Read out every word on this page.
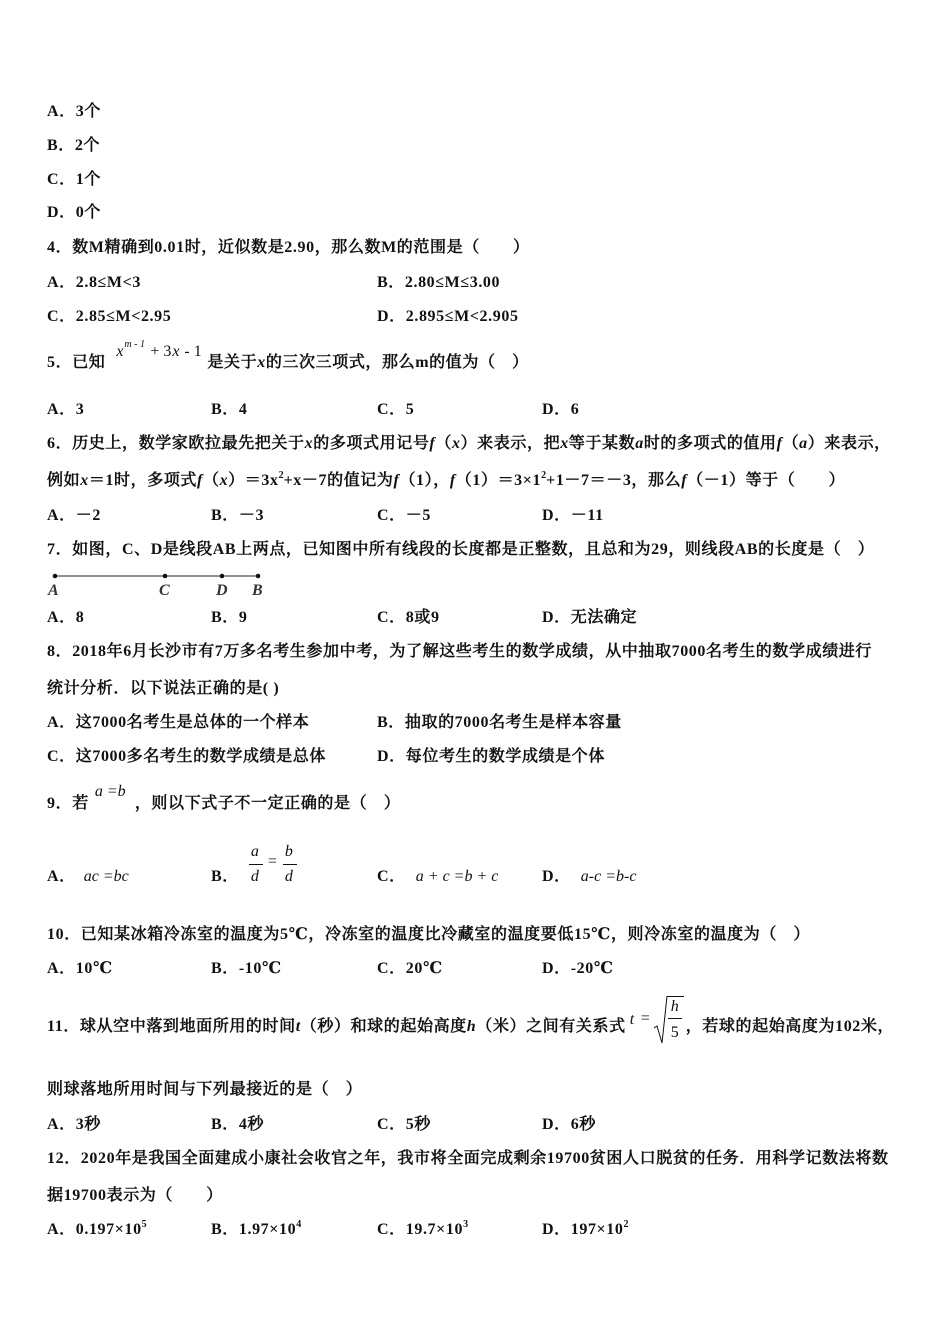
A．3个
B．2个
C．1个
D．0个
4．数M精确到0.01时，近似数是2.90，那么数M的范围是（　　）
A．2.8≤M<3	B．2.80≤M≤3.00
C．2.85≤M<2.95	D．2.895≤M<2.905
5．已知
x m - 1 + 3 x - 1
是关于x的三次三项式，那么m的值为（　）
A．3	B．4	C．5	D．6
6．历史上，数学家欧拉最先把关于x的多项式用记号f（x）来表示，把x等于某数a时的多项式的值用f（a）来表示，
例如x＝1时，多项式$f(x)=3x^2+x-7$的值记为f（1），$f(1)=3\times 1^2+1-7=-3$，那么f（－1）等于（　　）
A．－2	B．－3	C．－5	D．－11
7．如图，C、D是线段AB上两点，已知图中所有线段的长度都是正整数，且总和为29，则线段AB的长度是（　）
A	C	D B
A．8	B．9	C．8或9	D．无法确定
8．2018年6月长沙市有7万多名考生参加中考，为了解这些考生的数学成绩，从中抽取7000名考生的数学成绩进行
统计分析．以下说法正确的是( )
A．这7000名考生是总体的一个样本	B．抽取的7000名考生是样本容量
C．这7000多名考生的数学成绩是总体	D．每位考生的数学成绩是个体
9．若
a =b
，则以下式子不一定正确的是（　）
A． ac =bc	B．
a
d
=
b
d	C． a + c =b + c	D． a-c =b-c
10．已知某冰箱冷冻室的温度为5℃，冷冻室的温度比冷藏室的温度要低15℃，则冷冻室的温度为（　）
A．10℃	B．-10℃	C．20℃	D．-20℃
11．球从空中落到地面所用的时间t（秒）和球的起始高度h（米）之间有关系式 t =
h
5 ，若球的起始高度为102米，
则球落地所用时间与下列最接近的是（　）
A．3秒	B．4秒	C．5秒	D．6秒
12．2020年是我国全面建成小康社会收官之年，我市将全面完成剩余19700贫困人口脱贫的任务．用科学记数法将数
据19700表示为（　　）
A．$0.197\times 10^5$	B．$1.97\times 10^4$	C．$19.7\times 10^3$	D．$197\times 10^2$
